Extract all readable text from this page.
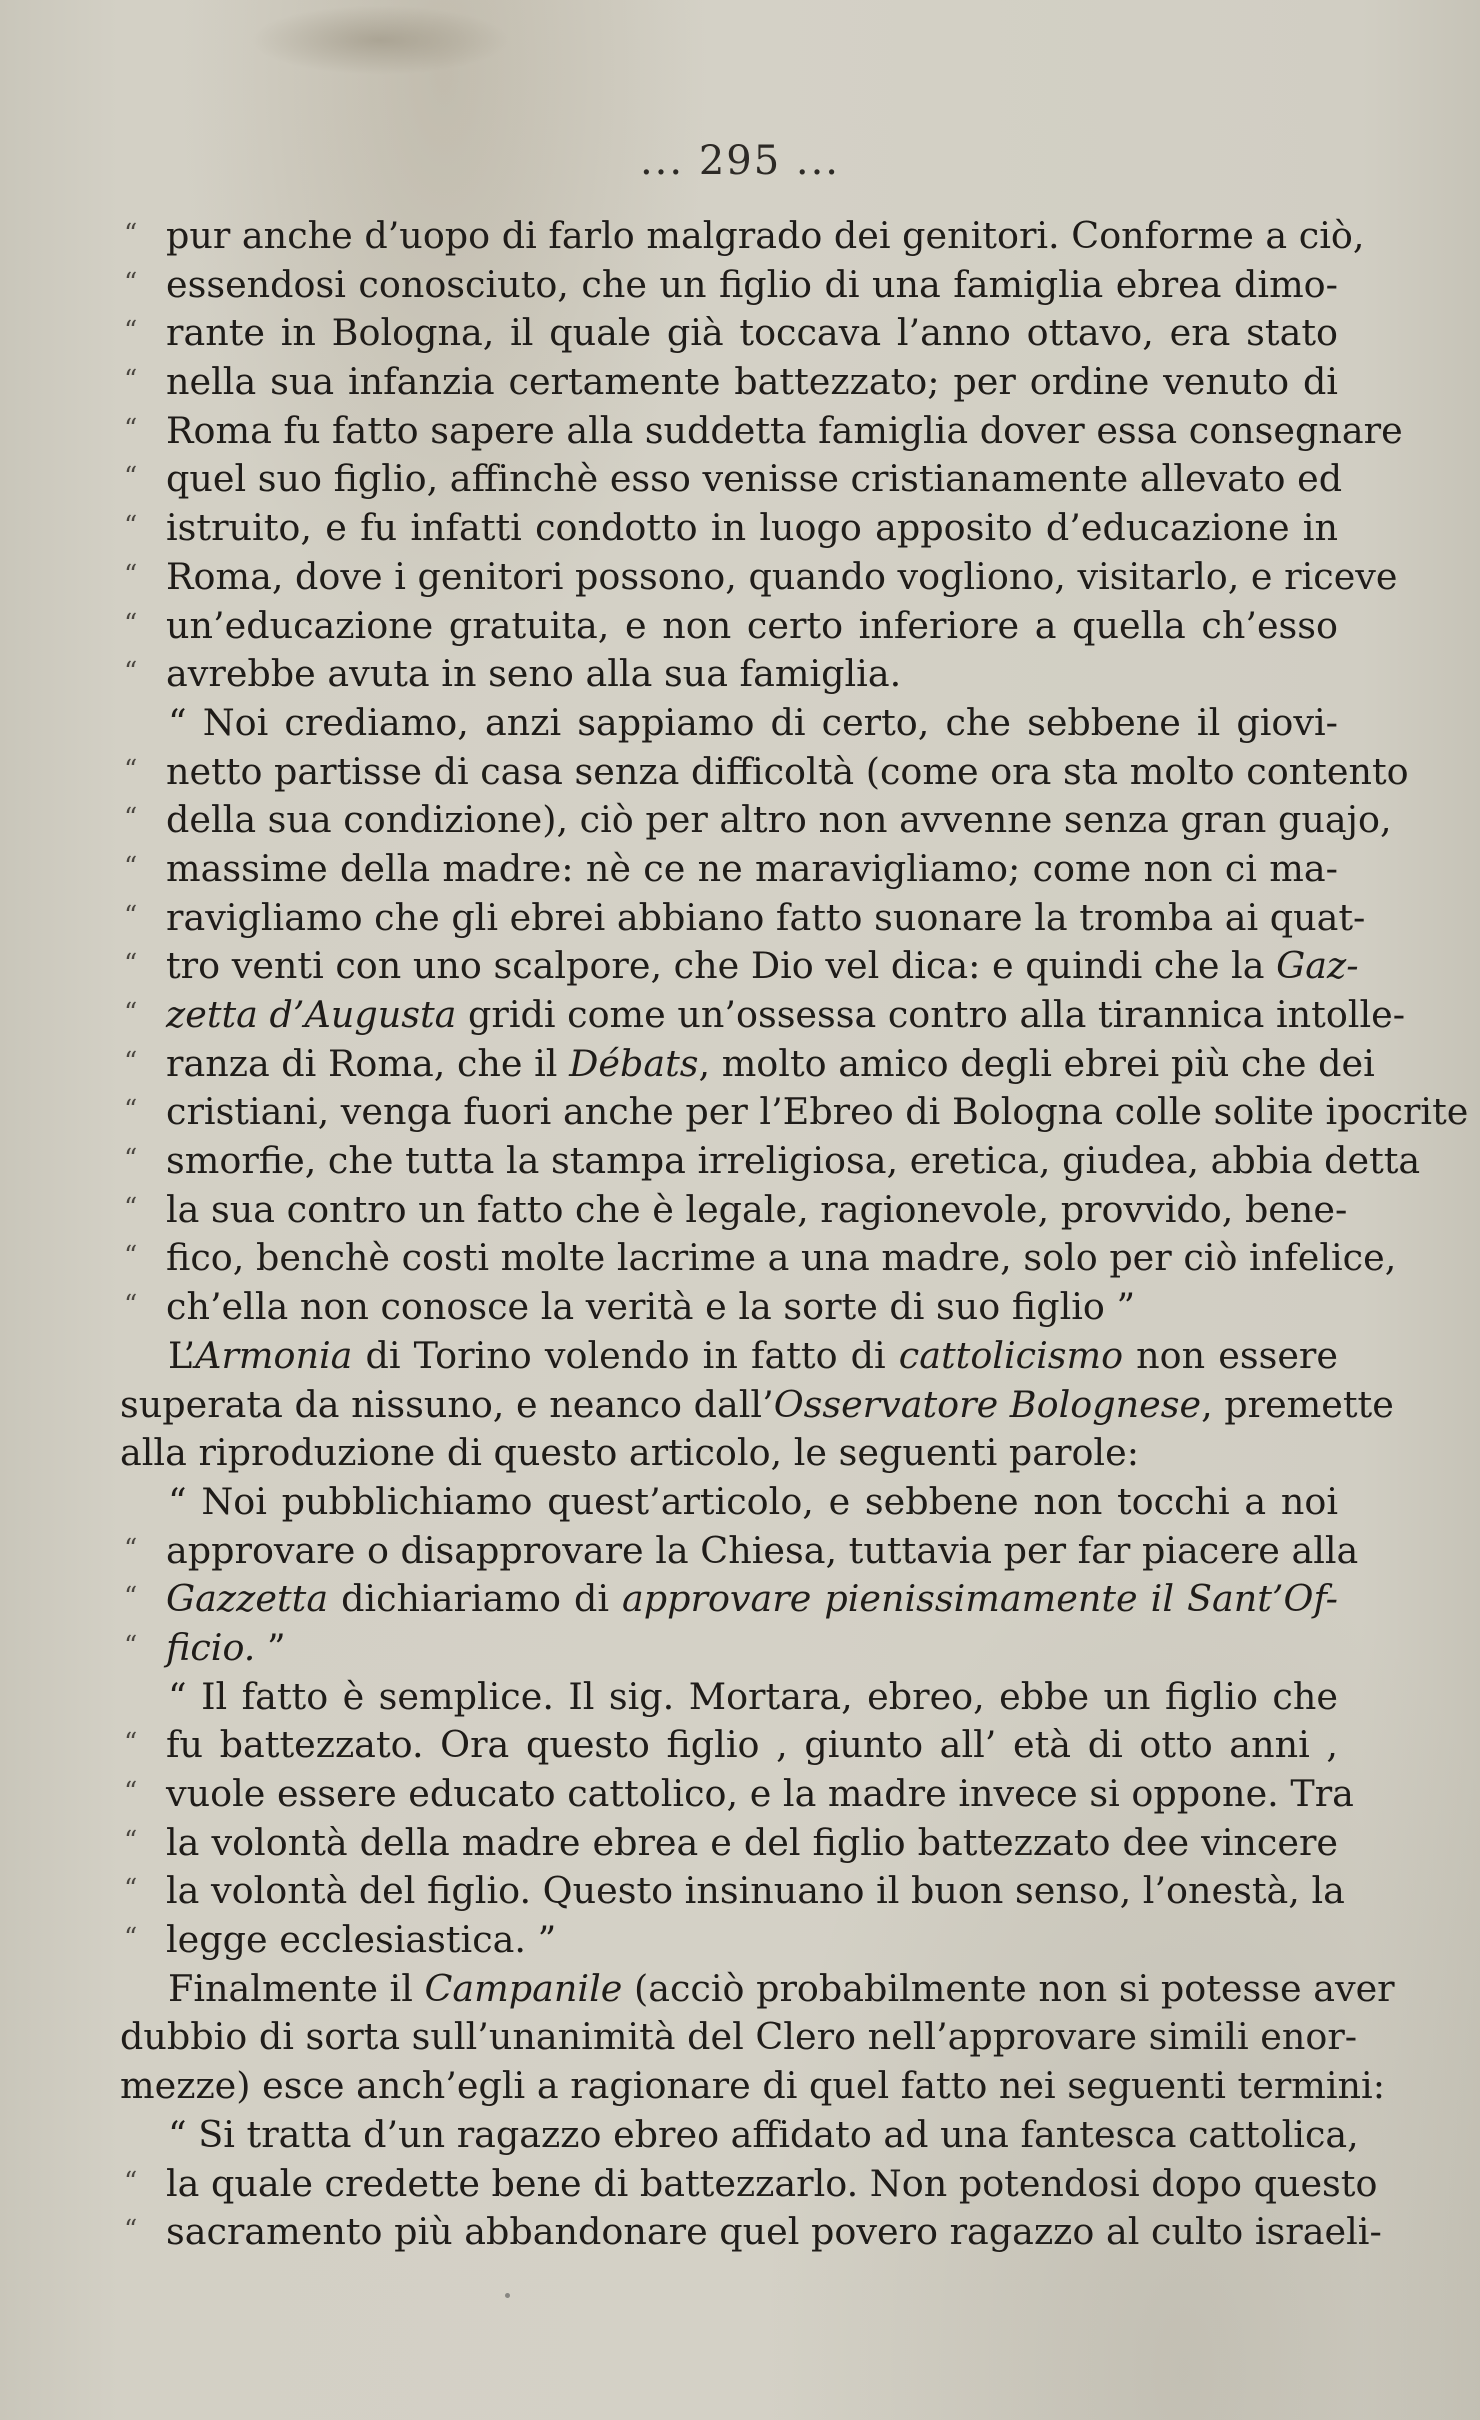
... 295 ...
“ pur anche d’uopo di farlo malgrado dei genitori. Conforme a ciò,
“ essendosi conosciuto, che un figlio di una famiglia ebrea dimo-
“ rante in Bologna, il quale già toccava l’anno ottavo, era stato
“ nella sua infanzia certamente battezzato; per ordine venuto di
“ Roma fu fatto sapere alla suddetta famiglia dover essa consegnare
“ quel suo figlio, affinchè esso venisse cristianamente allevato ed
“ istruito, e fu infatti condotto in luogo apposito d’educazione in
“ Roma, dove i genitori possono, quando vogliono, visitarlo, e riceve
“ un’educazione gratuita, e non certo inferiore a quella ch’esso
“ avrebbe avuta in seno alla sua famiglia.
“ Noi crediamo, anzi sappiamo di certo, che sebbene il giovi-
“ netto partisse di casa senza difficoltà (come ora sta molto contento
“ della sua condizione), ciò per altro non avvenne senza gran guajo,
“ massime della madre: nè ce ne maravigliamo; come non ci ma-
“ ravigliamo che gli ebrei abbiano fatto suonare la tromba ai quat-
“ tro venti con uno scalpore, che Dio vel dica: e quindi che la Gaz-
“ zetta d’Augusta gridi come un’ossessa contro alla tirannica intolle-
“ ranza di Roma, che il Débats, molto amico degli ebrei più che dei
“ cristiani, venga fuori anche per l’Ebreo di Bologna colle solite ipocrite
“ smorfie, che tutta la stampa irreligiosa, eretica, giudea, abbia detta
“ la sua contro un fatto che è legale, ragionevole, provvido, bene-
“ fico, benchè costi molte lacrime a una madre, solo per ciò infelice,
“ ch’ella non conosce la verità e la sorte di suo figlio ”
L’Armonia di Torino volendo in fatto di cattolicismo non essere
superata da nissuno, e neanco dall’Osservatore Bolognese, premette
alla riproduzione di questo articolo, le seguenti parole:
“ Noi pubblichiamo quest’articolo, e sebbene non tocchi a noi
“ approvare o disapprovare la Chiesa, tuttavia per far piacere alla
“ Gazzetta dichiariamo di approvare pienissimamente il Sant’Of-
“ ficio. ”
“ Il fatto è semplice. Il sig. Mortara, ebreo, ebbe un figlio che
“ fu battezzato. Ora questo figlio , giunto all’ età di otto anni ,
“ vuole essere educato cattolico, e la madre invece si oppone. Tra
“ la volontà della madre ebrea e del figlio battezzato dee vincere
“ la volontà del figlio. Questo insinuano il buon senso, l’onestà, la
“ legge ecclesiastica. ”
Finalmente il Campanile (acciò probabilmente non si potesse aver
dubbio di sorta sull’unanimità del Clero nell’approvare simili enor-
mezze) esce anch’egli a ragionare di quel fatto nei seguenti termini:
“ Si tratta d’un ragazzo ebreo affidato ad una fantesca cattolica,
“ la quale credette bene di battezzarlo. Non potendosi dopo questo
“ sacramento più abbandonare quel povero ragazzo al culto israeli-
